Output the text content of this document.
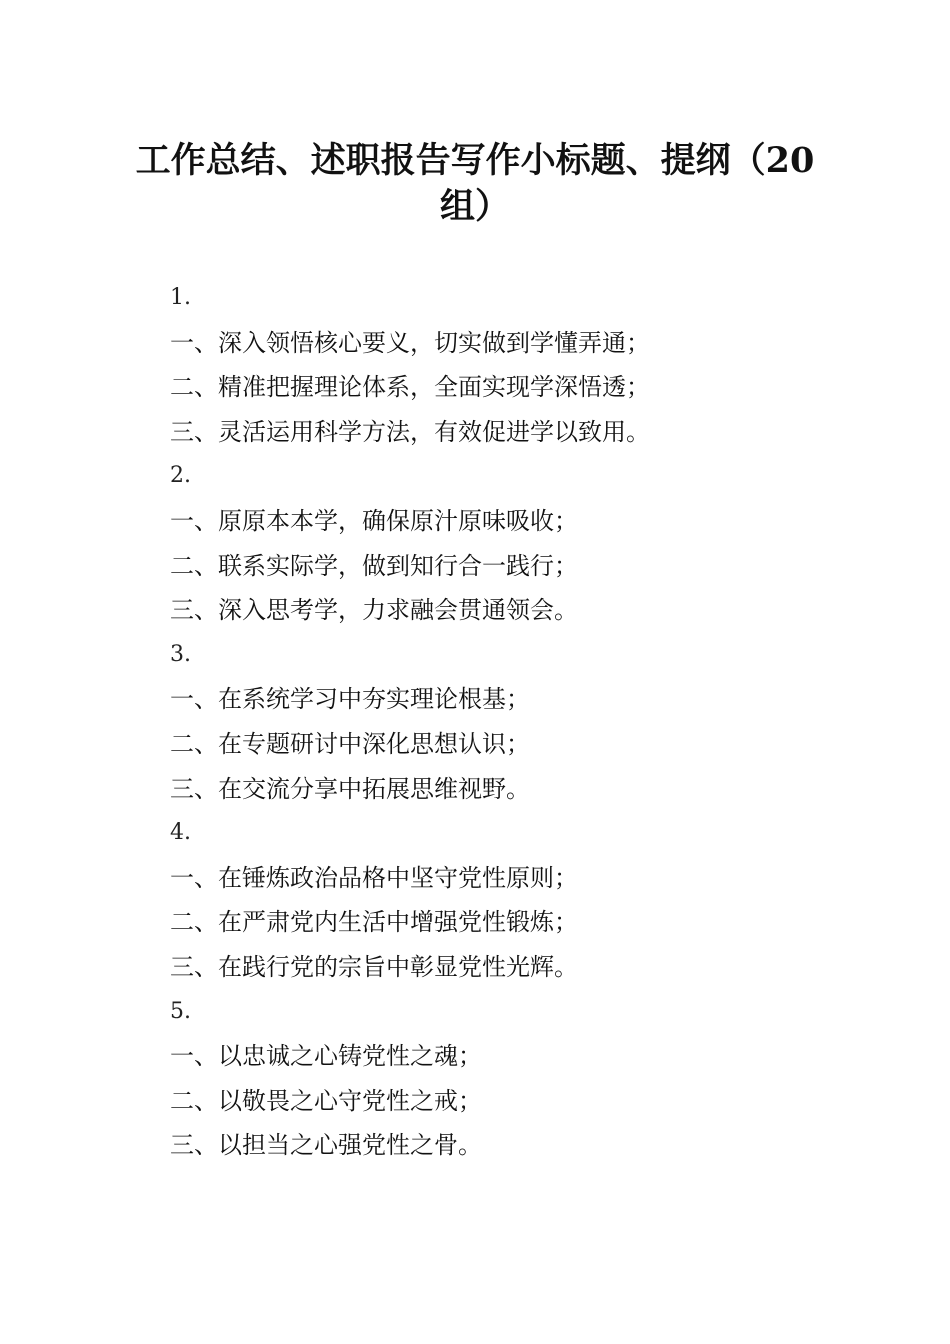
工作总结、述职报告写作小标题、提纲（20
组）
1.
一、深入领悟核心要义，切实做到学懂弄通；
二、精准把握理论体系，全面实现学深悟透；
三、灵活运用科学方法，有效促进学以致用。
2.
一、原原本本学，确保原汁原味吸收；
二、联系实际学，做到知行合一践行；
三、深入思考学，力求融会贯通领会。
3.
一、在系统学习中夯实理论根基；
二、在专题研讨中深化思想认识；
三、在交流分享中拓展思维视野。
4.
一、在锤炼政治品格中坚守党性原则；
二、在严肃党内生活中增强党性锻炼；
三、在践行党的宗旨中彰显党性光辉。
5.
一、以忠诚之心铸党性之魂；
二、以敬畏之心守党性之戒；
三、以担当之心强党性之骨。
